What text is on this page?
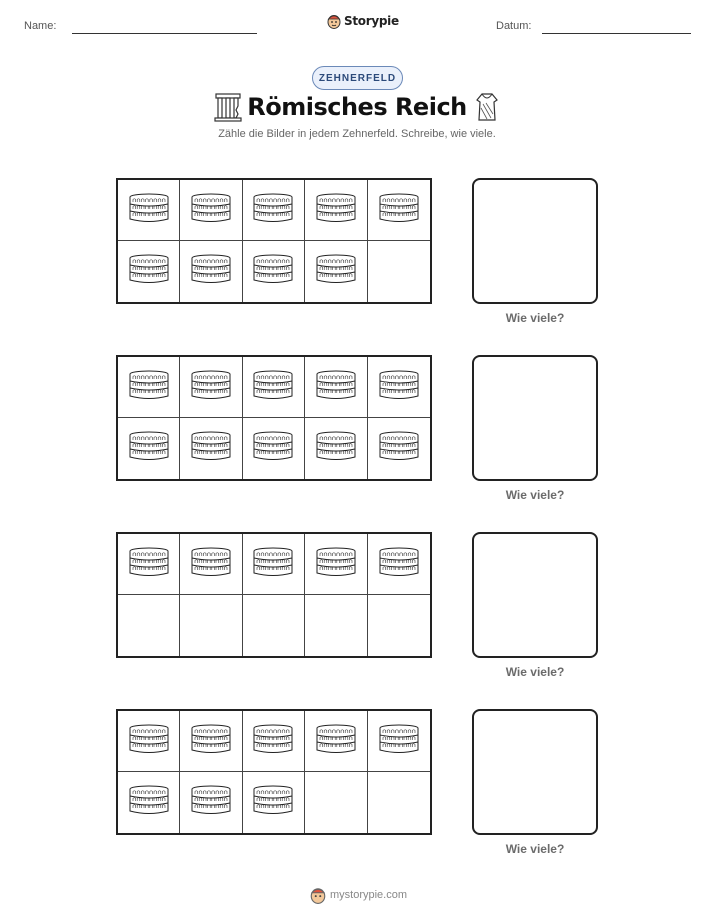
Name:	Storypie	Datum:
ZEHNERFELD
Römisches Reich
Zähle die Bilder in jedem Zehnerfeld. Schreibe, wie viele.
Wie viele?
Wie viele?
Wie viele?
Wie viele?
mystorypie.com
